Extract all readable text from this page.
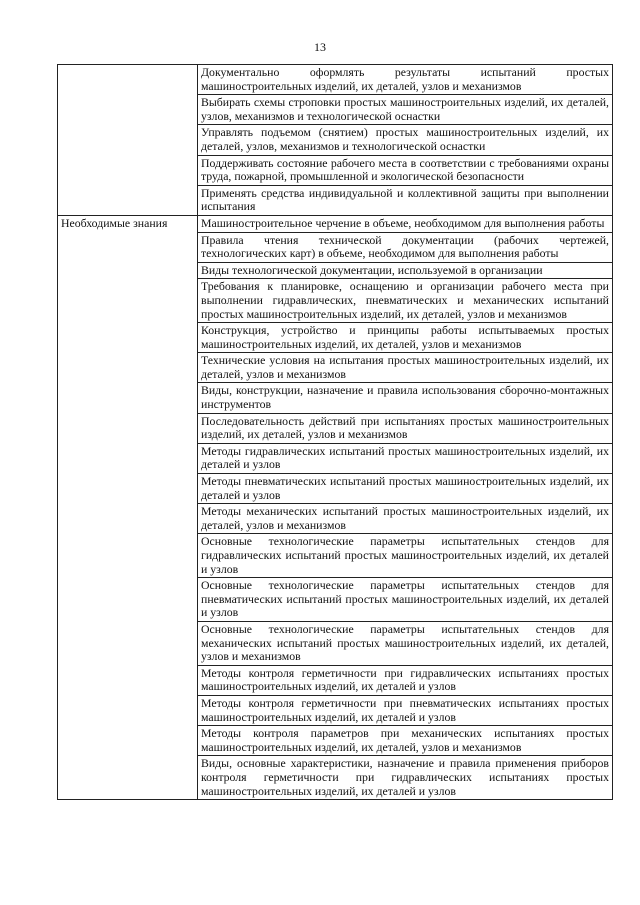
13

	Документально оформлять результаты испытаний простых машиностроительных изделий, их деталей, узлов и механизмов

	Выбирать схемы строповки простых машиностроительных изделий, их деталей, узлов, механизмов и технологической оснастки

	Управлять подъемом (снятием) простых машиностроительных изделий, их деталей, узлов, механизмов и технологической оснастки

	Поддерживать состояние рабочего места в соответствии с требованиями охраны труда, пожарной, промышленной и экологической безопасности

	Применять средства индивидуальной и коллективной защиты при выполнении испытания

Необходимые знания	Машиностроительное черчение в объеме, необходимом для выполнения работы

	Правила чтения технической документации (рабочих чертежей, технологических карт) в объеме, необходимом для выполнения работы

	Виды технологической документации, используемой в организации

	Требования к планировке, оснащению и организации рабочего места при выполнении гидравлических, пневматических и механических испытаний простых машиностроительных изделий, их деталей, узлов и механизмов

	Конструкция, устройство и принципы работы испытываемых простых машиностроительных изделий, их деталей, узлов и механизмов

	Технические условия на испытания простых машиностроительных изделий, их деталей, узлов и механизмов

	Виды, конструкции, назначение и правила использования сборочно-монтажных инструментов

	Последовательность действий при испытаниях простых машиностроительных изделий, их деталей, узлов и механизмов

	Методы гидравлических испытаний простых машиностроительных изделий, их деталей и узлов

	Методы пневматических испытаний простых машиностроительных изделий, их деталей и узлов

	Методы механических испытаний простых машиностроительных изделий, их деталей, узлов и механизмов

	Основные технологические параметры испытательных стендов для гидравлических испытаний простых машиностроительных изделий, их деталей и узлов

	Основные технологические параметры испытательных стендов для пневматических испытаний простых машиностроительных изделий, их деталей и узлов

	Основные технологические параметры испытательных стендов для механических испытаний простых машиностроительных изделий, их деталей, узлов и механизмов

	Методы контроля герметичности при гидравлических испытаниях простых машиностроительных изделий, их деталей и узлов

	Методы контроля герметичности при пневматических испытаниях простых машиностроительных изделий, их деталей и узлов

	Методы контроля параметров при механических испытаниях простых машиностроительных изделий, их деталей, узлов и механизмов

	Виды, основные характеристики, назначение и правила применения приборов контроля герметичности при гидравлических испытаниях простых машиностроительных изделий, их деталей и узлов
